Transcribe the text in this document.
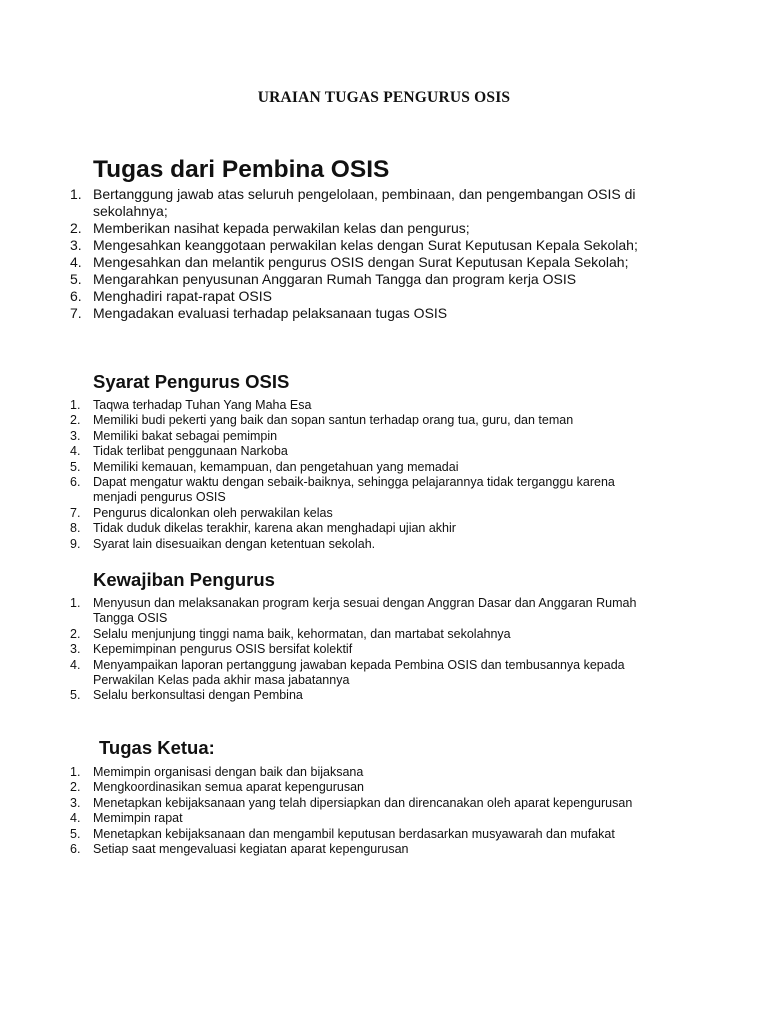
URAIAN TUGAS PENGURUS OSIS
Tugas dari Pembina OSIS
1. Bertanggung jawab atas seluruh pengelolaan, pembinaan, dan pengembangan OSIS di sekolahnya;
2. Memberikan nasihat kepada perwakilan kelas dan pengurus;
3. Mengesahkan keanggotaan perwakilan kelas dengan Surat Keputusan Kepala Sekolah;
4. Mengesahkan dan melantik pengurus OSIS dengan Surat Keputusan Kepala Sekolah;
5. Mengarahkan penyusunan Anggaran Rumah Tangga dan program kerja OSIS
6. Menghadiri rapat-rapat OSIS
7. Mengadakan evaluasi terhadap pelaksanaan tugas OSIS
Syarat Pengurus OSIS
1. Taqwa terhadap Tuhan Yang Maha Esa
2. Memiliki budi pekerti yang baik dan sopan santun terhadap orang tua, guru, dan teman
3. Memiliki bakat sebagai pemimpin
4. Tidak terlibat penggunaan Narkoba
5. Memiliki kemauan, kemampuan, dan pengetahuan yang memadai
6. Dapat mengatur waktu dengan sebaik-baiknya, sehingga pelajarannya tidak terganggu karena menjadi pengurus OSIS
7. Pengurus dicalonkan oleh perwakilan kelas
8. Tidak duduk dikelas terakhir, karena akan menghadapi ujian akhir
9. Syarat lain disesuaikan dengan ketentuan sekolah.
Kewajiban Pengurus
1. Menyusun dan melaksanakan program kerja sesuai dengan Anggran Dasar dan Anggaran Rumah Tangga OSIS
2. Selalu menjunjung tinggi nama baik, kehormatan, dan martabat sekolahnya
3. Kepemimpinan pengurus OSIS bersifat kolektif
4. Menyampaikan laporan pertanggung jawaban kepada Pembina OSIS dan tembusannya kepada Perwakilan Kelas pada akhir masa jabatannya
5. Selalu berkonsultasi dengan Pembina
Tugas Ketua:
1. Memimpin organisasi dengan baik dan bijaksana
2. Mengkoordinasikan semua aparat kepengurusan
3. Menetapkan kebijaksanaan yang telah dipersiapkan dan direncanakan oleh aparat kepengurusan
4. Memimpin rapat
5. Menetapkan kebijaksanaan dan mengambil keputusan berdasarkan musyawarah dan mufakat
6. Setiap saat mengevaluasi kegiatan aparat kepengurusan
